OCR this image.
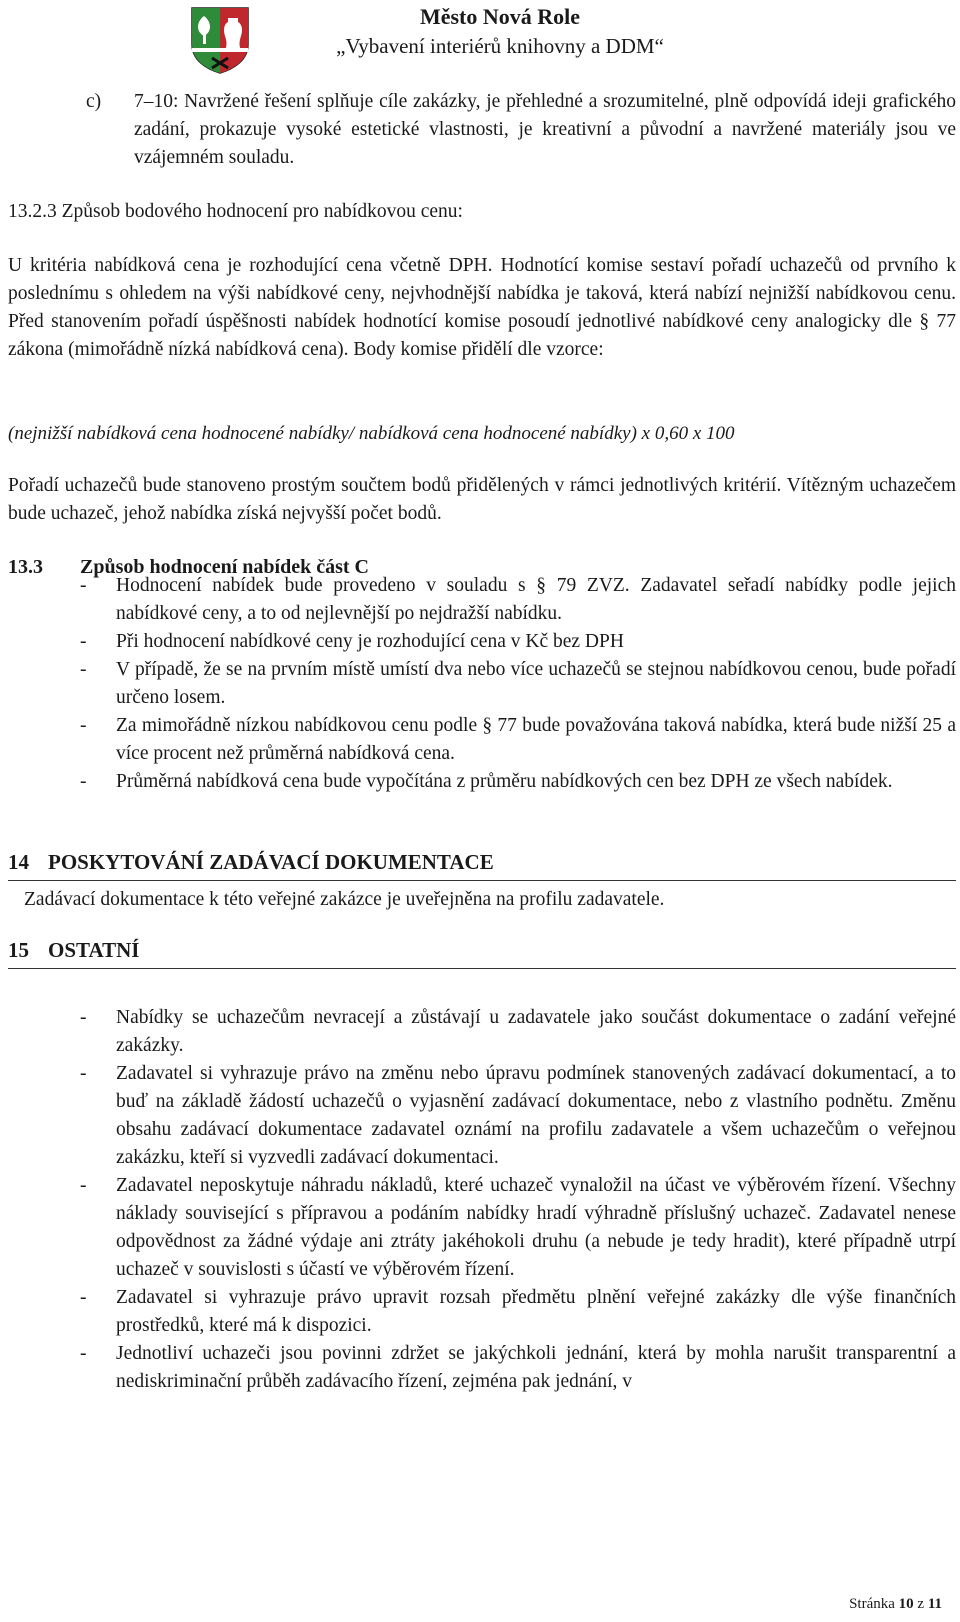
Město Nová Role
„Vybavení interiérů knihovny a DDM“
c) 7–10: Navržené řešení splňuje cíle zakázky, je přehledné a srozumitelné, plně odpovídá ideji grafického zadání, prokazuje vysoké estetické vlastnosti, je kreativní a původní a navržené materiály jsou ve vzájemném souladu.

13.2.3 Způsob bodového hodnocení pro nabídkovou cenu:

U kritéria nabídková cena je rozhodující cena včetně DPH. Hodnotící komise sestaví pořadí uchazečů od prvního k poslednímu s ohledem na výši nabídkové ceny, nejvhodnější nabídka je taková, která nabízí nejnižší nabídkovou cenu. Před stanovením pořadí úspěšnosti nabídek hodnotící komise posoudí jednotlivé nabídkové ceny analogicky dle § 77 zákona (mimořádně nízká nabídková cena). Body komise přidělí dle vzorce:

(nejnižší nabídková cena hodnocené nabídky/ nabídková cena hodnocené nabídky) x 0,60 x 100

Pořadí uchazečů bude stanoveno prostým součtem bodů přidělených v rámci jednotlivých kritérií. Vítězným uchazečem bude uchazeč, jehož nabídka získá nejvyšší počet bodů.

13.3 Způsob hodnocení nabídek část C
- Hodnocení nabídek bude provedeno v souladu s § 79 ZVZ. Zadavatel seřadí nabídky podle jejich nabídkové ceny, a to od nejlevnější po nejdražší nabídku.
- Při hodnocení nabídkové ceny je rozhodující cena v Kč bez DPH
- V případě, že se na prvním místě umístí dva nebo více uchazečů se stejnou nabídkovou cenou, bude pořadí určeno losem.
- Za mimořádně nízkou nabídkovou cenu podle § 77 bude považována taková nabídka, která bude nižší 25 a více procent než průměrná nabídková cena.
- Průměrná nabídková cena bude vypočítána z průměru nabídkových cen bez DPH ze všech nabídek.
14 POSKYTOVÁNÍ ZADÁVACÍ DOKUMENTACE

Zadávací dokumentace k této veřejné zakázce je uveřejněna na profilu zadavatele.

15 OSTATNÍ
- Nabídky se uchazečům nevracejí a zůstávají u zadavatele jako součást dokumentace o zadání veřejné zakázky.
- Zadavatel si vyhrazuje právo na změnu nebo úpravu podmínek stanovených zadávací dokumentací, a to buď na základě žádostí uchazečů o vyjasnění zadávací dokumentace, nebo z vlastního podnětu. Změnu obsahu zadávací dokumentace zadavatel oznámí na profilu zadavatele a všem uchazečům o veřejnou zakázku, kteří si vyzvedli zadávací dokumentaci.
- Zadavatel neposkytuje náhradu nákladů, které uchazeč vynaložil na účast ve výběrovém řízení. Všechny náklady související s přípravou a podáním nabídky hradí výhradně příslušný uchazeč. Zadavatel nenese odpovědnost za žádné výdaje ani ztráty jakéhokoli druhu (a nebude je tedy hradit), které případně utrpí uchazeč v souvislosti s účastí ve výběrovém řízení.
- Zadavatel si vyhrazuje právo upravit rozsah předmětu plnění veřejné zakázky dle výše finančních prostředků, které má k dispozici.
- Jednotliví uchazeči jsou povinni zdržet se jakýchkoli jednání, která by mohla narušit transparentní a nediskriminační průběh zadávacího řízení, zejména pak jednání, v
Stránka 10 z 11
